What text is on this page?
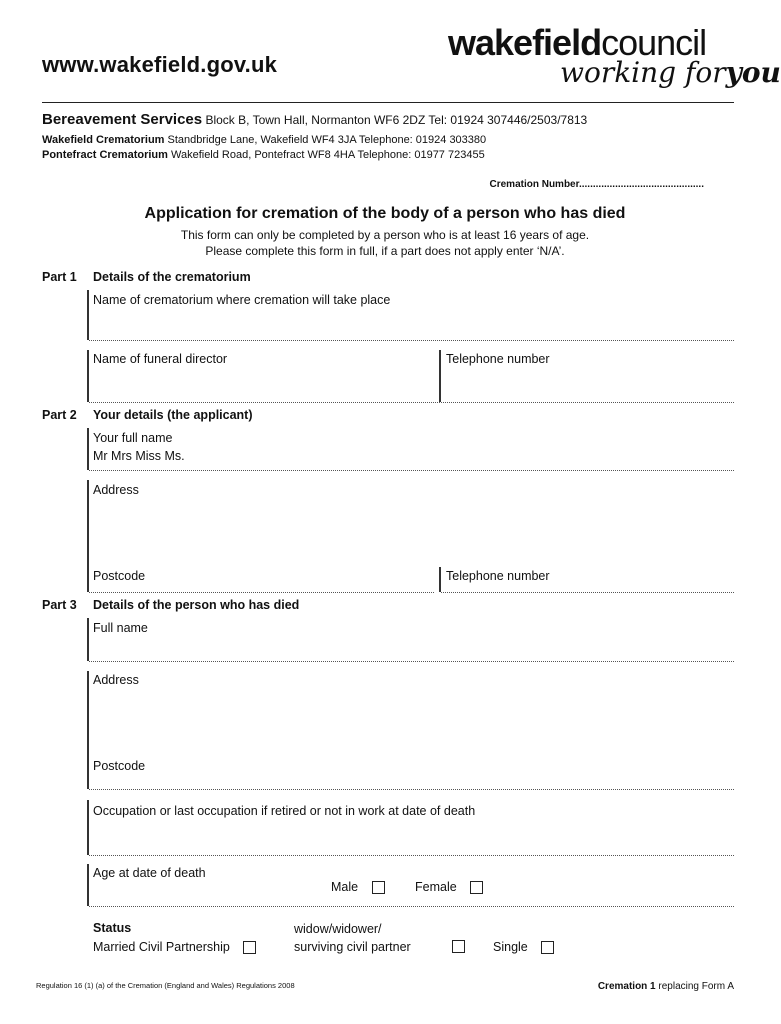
www.wakefield.gov.uk
wakefieldcouncil
working foryou
Bereavement Services Block B, Town Hall, Normanton WF6 2DZ Tel: 01924 307446/2503/7813
Wakefield Crematorium Standbridge Lane, Wakefield WF4 3JA Telephone: 01924 303380
Pontefract Crematorium Wakefield Road, Pontefract WF8 4HA Telephone: 01977 723455
Cremation Number.............................................
Application for cremation of the body of a person who has died
This form can only be completed by a person who is at least 16 years of age.
Please complete this form in full, if a part does not apply enter ‘N/A’.
Part 1 Details of the crematorium
Name of crematorium where cremation will take place
Name of funeral director	Telephone number
Part 2 Your details (the applicant)
Your full name
Mr Mrs Miss Ms.
Address
Postcode	Telephone number
Part 3 Details of the person who has died
Full name
Address
Postcode
Occupation or last occupation if retired or not in work at date of death
Age at date of death
Male	Female
Status
Married Civil Partnership
widow/widower/
surviving civil partner	Single
Regulation 16 (1) (a) of the Cremation (England and Wales) Regulations 2008	Cremation 1 replacing Form A
